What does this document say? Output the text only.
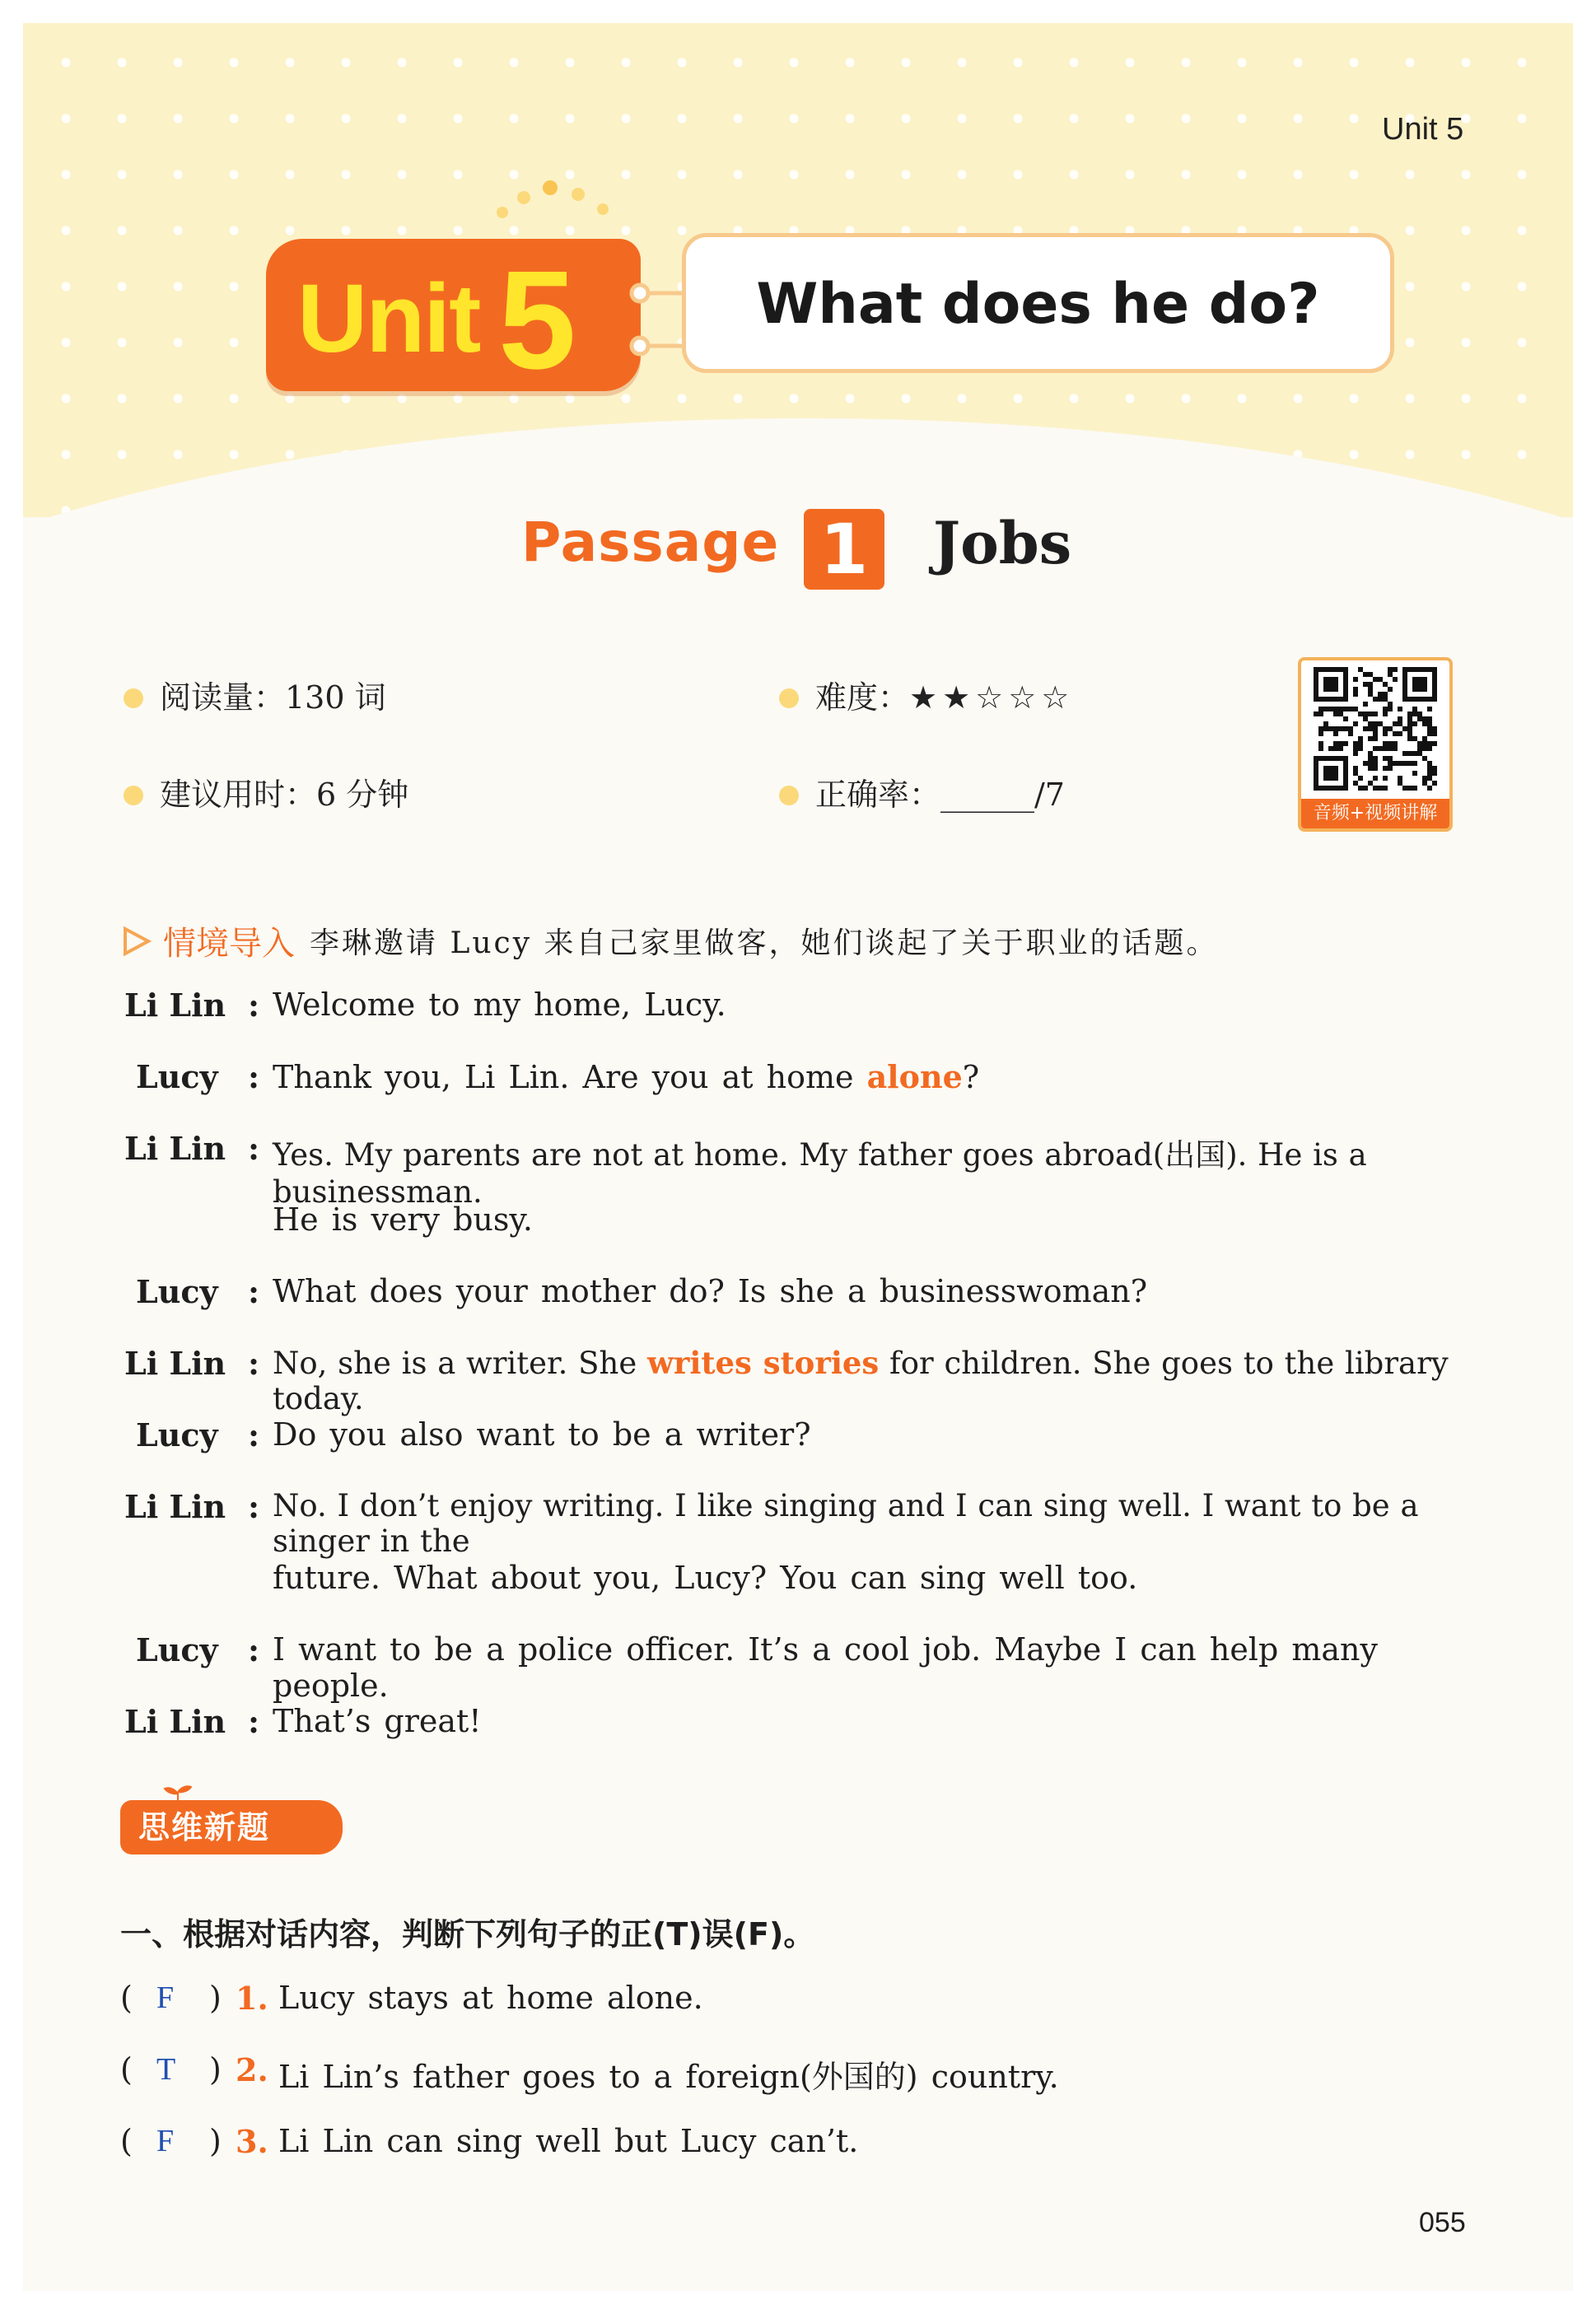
Unit 5
Unit 5	What does he do?
Passage 1 Jobs
阅读量：130 词
建议用时：6 分钟
难度：★★☆☆☆
正确率：______/7
音频+视频讲解
情境导入 李琳邀请 Lucy 来自己家里做客，她们谈起了关于职业的话题。
Li Lin : Welcome to my home, Lucy.
Lucy : Thank you, Li Lin. Are you at home alone?
Li Lin : Yes. My parents are not at home. My father goes abroad(出国). He is a businessman.
He is very busy.
Lucy : What does your mother do? Is she a businesswoman?
Li Lin : No, she is a writer. She writes stories for children. She goes to the library today.
Lucy : Do you also want to be a writer?
Li Lin : No. I don’t enjoy writing. I like singing and I can sing well. I want to be a singer in the
future. What about you, Lucy? You can sing well too.
Lucy : I want to be a police officer. It’s a cool job. Maybe I can help many people.
Li Lin : That’s great!
思维新题
一、根据对话内容，判断下列句子的正(T)误(F)。
( F ) 1. Lucy stays at home alone.
( T ) 2. Li Lin’s father goes to a foreign(外国的) country.
( F ) 3. Li Lin can sing well but Lucy can’t.
055
